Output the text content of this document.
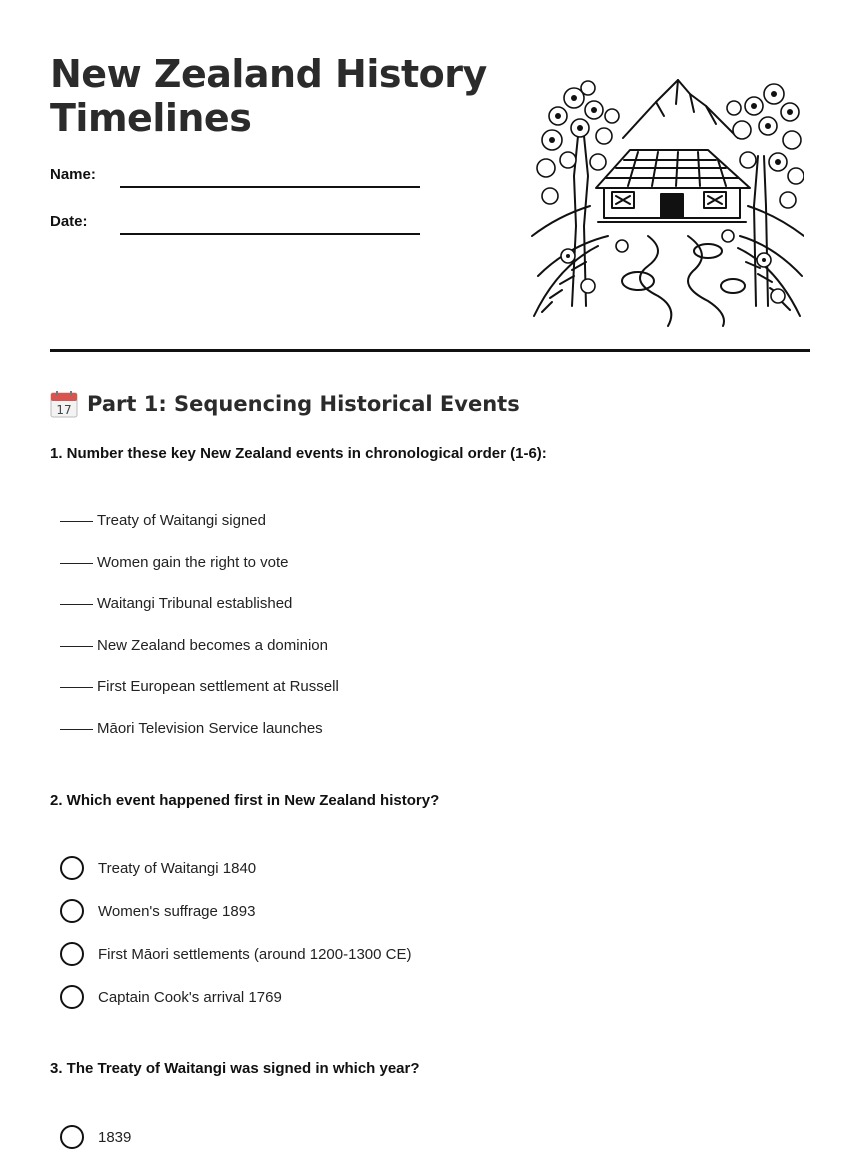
New Zealand History
Timelines
Name:
Date:
17 Part 1: Sequencing Historical Events
1. Number these key New Zealand events in chronological order (1-6):
Treaty of Waitangi signed
Women gain the right to vote
Waitangi Tribunal established
New Zealand becomes a dominion
First European settlement at Russell
Māori Television Service launches
2. Which event happened first in New Zealand history?
Treaty of Waitangi 1840
Women's suffrage 1893
First Māori settlements (around 1200-1300 CE)
Captain Cook's arrival 1769
3. The Treaty of Waitangi was signed in which year?
1839
